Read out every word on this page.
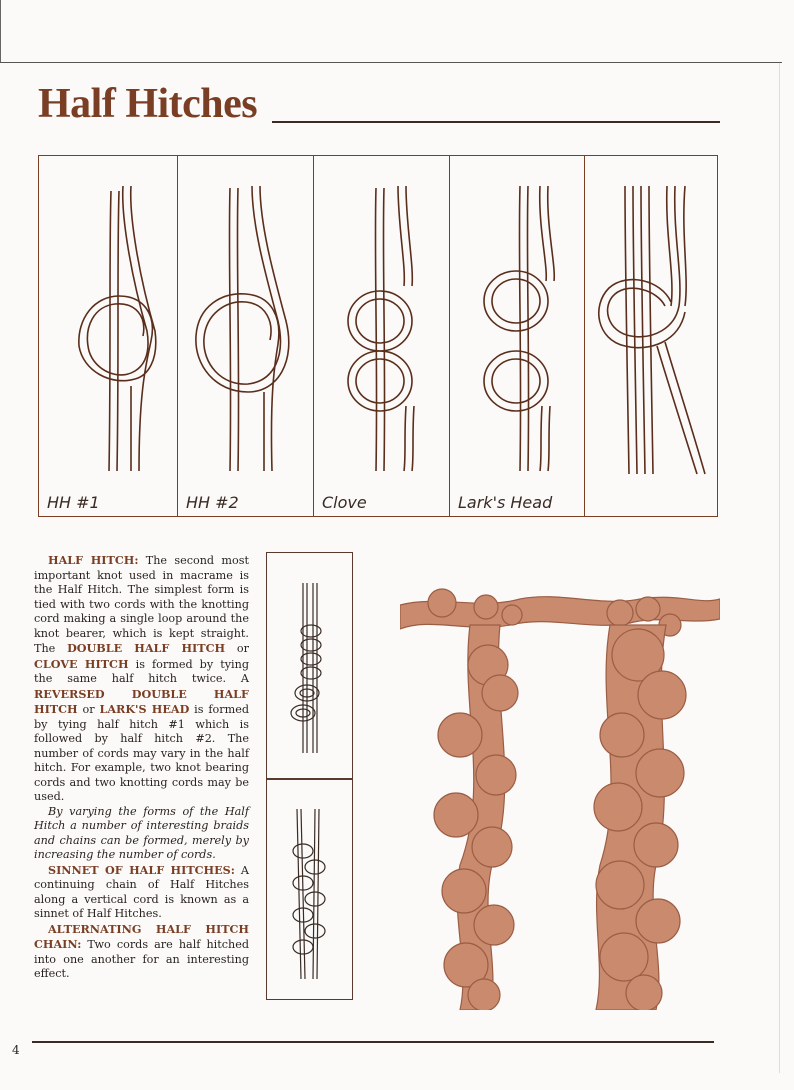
Half Hitches
HH #1	HH #2	Clove	Lark's Head

HALF HITCH: The second most important knot used in macrame is the Half Hitch. The simplest form is tied with two cords with the knotting cord making a single loop around the knot bearer, which is kept straight. The DOUBLE HALF HITCH or CLOVE HITCH is formed by tying the same half hitch twice. A REVERSED DOUBLE HALF HITCH or LARK'S HEAD is formed by tying half hitch #1 which is followed by half hitch #2. The number of cords may vary in the half hitch. For example, two knot bearing cords and two knotting cords may be used.

By varying the forms of the Half Hitch a number of interesting braids and chains can be formed, merely by increasing the number of cords.

SINNET OF HALF HITCHES: A continuing chain of Half Hitches along a vertical cord is known as a sinnet of Half Hitches.

ALTERNATING HALF HITCH CHAIN: Two cords are half hitched into one another for an interesting effect.

4
